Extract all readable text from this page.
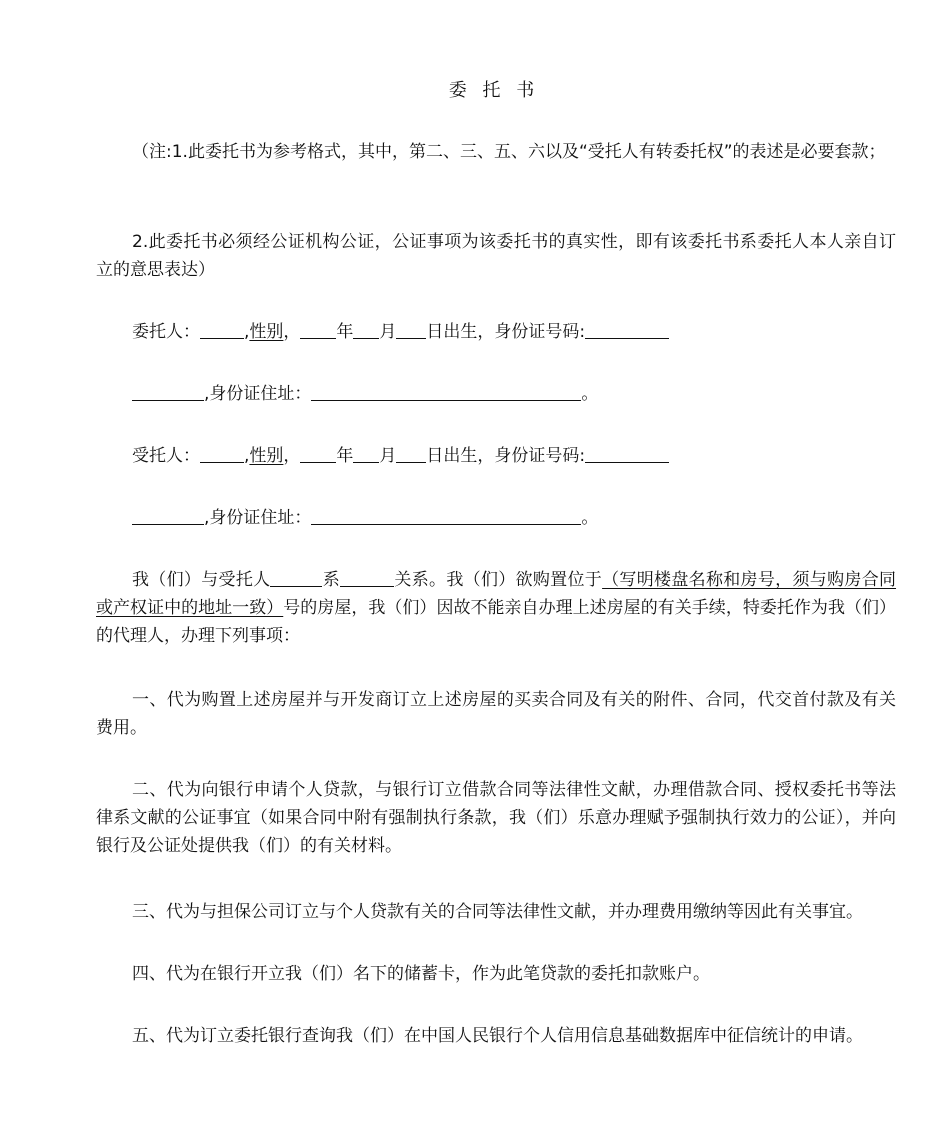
委 托 书
（注:1.此委托书为参考格式，其中，第二、三、五、六以及“受托人有转委托权”的表述是必要套款；
2.此委托书必须经公证机构公证，公证事项为该委托书的真实性，即有该委托书系委托人本人亲自订立的意思表达）
委托人：	,性别， 年 月 日出生，身份证号码:
,身份证住址：	。
受托人：	,性别， 年 月 日出生，身份证号码:
,身份证住址：	。
我（们）与受托人	系	关系。我（们）欲购置位于（写明楼盘名称和房号，须与购房合同或产权证中的地址一致）号的房屋，我（们）因故不能亲自办理上述房屋的有关手续，特委托作为我（们）的代理人，办理下列事项：
一、代为购置上述房屋并与开发商订立上述房屋的买卖合同及有关的附件、合同，代交首付款及有关费用。
二、代为向银行申请个人贷款，与银行订立借款合同等法律性文献，办理借款合同、授权委托书等法律系文献的公证事宜（如果合同中附有强制执行条款，我（们）乐意办理赋予强制执行效力的公证），并向银行及公证处提供我（们）的有关材料。
三、代为与担保公司订立与个人贷款有关的合同等法律性文献，并办理费用缴纳等因此有关事宜。
四、代为在银行开立我（们）名下的储蓄卡，作为此笔贷款的委托扣款账户。
五、代为订立委托银行查询我（们）在中国人民银行个人信用信息基础数据库中征信统计的申请。
